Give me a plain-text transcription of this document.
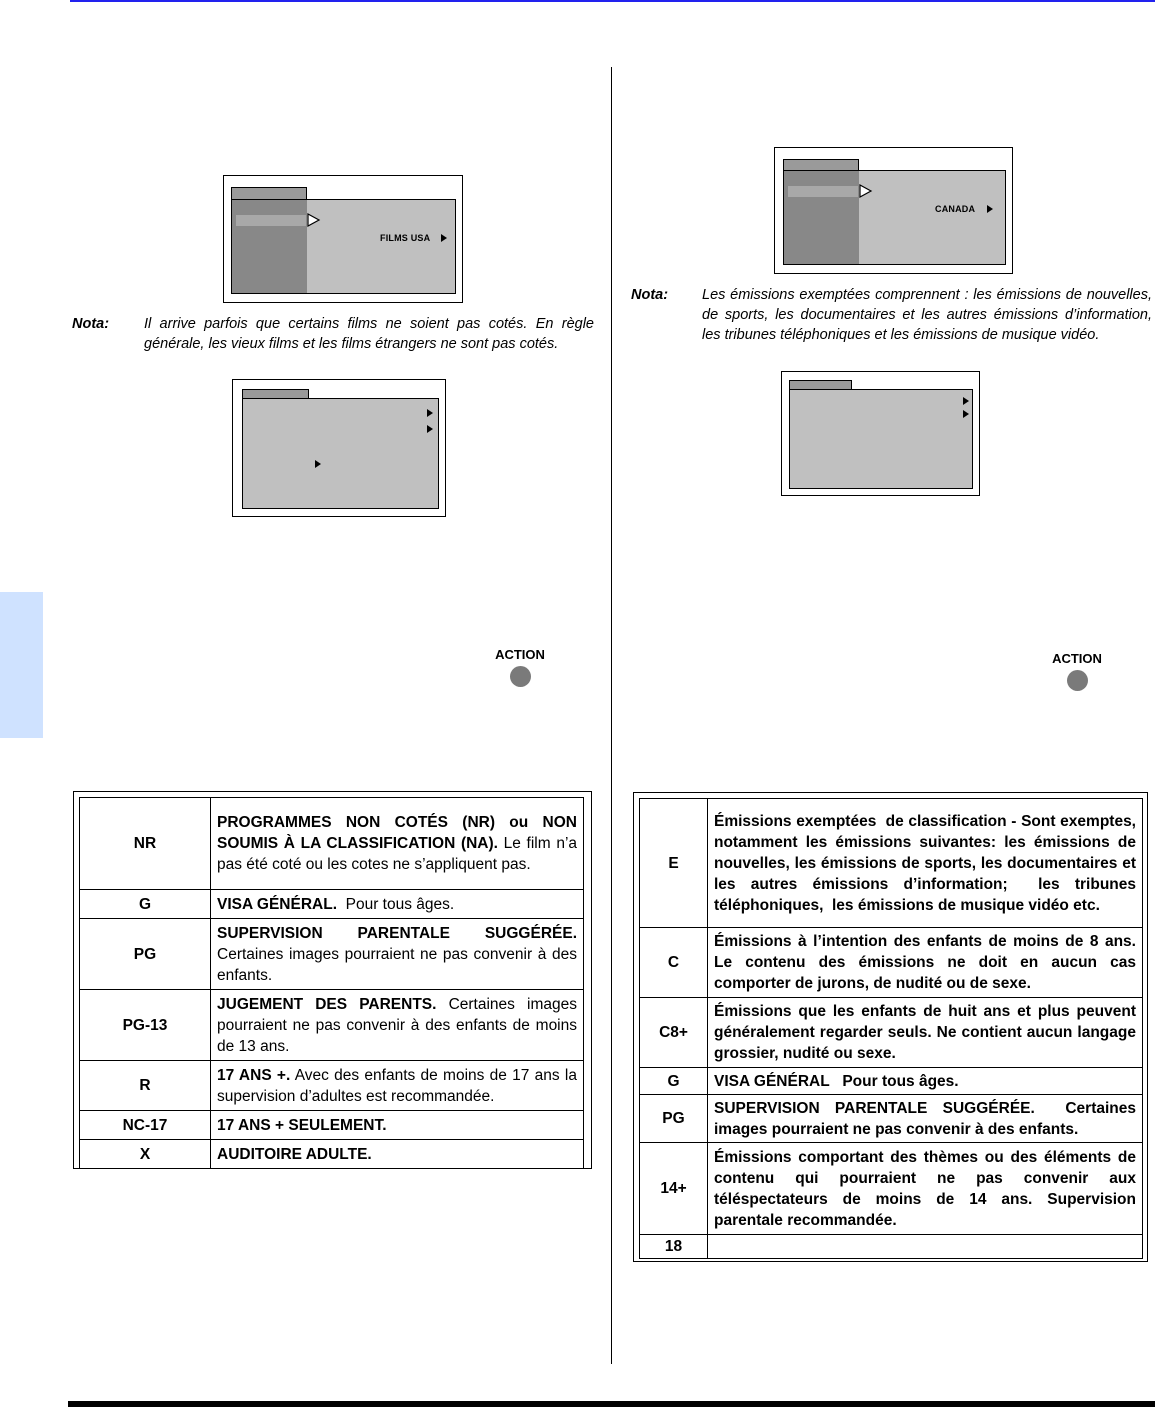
FILMS USA
Nota: Il arrive parfois que certains films ne soient pas cotés. En règle générale, les vieux films et les films étrangers ne sont pas cotés.
ACTION
NR	PROGRAMMES NON COTÉS (NR) ou NON SOUMIS À LA CLASSIFICATION (NA). Le film n’a pas été coté ou les cotes ne s’appliquent pas.
G	VISA GÉNÉRAL.  Pour tous âges.
PG	SUPERVISION PARENTALE SUGGÉRÉE. Certaines images pourraient ne pas convenir à des enfants.
PG-13	JUGEMENT DES PARENTS. Certaines images pourraient ne pas convenir à des enfants de moins de 13 ans.
R	17 ANS +. Avec des enfants de moins de 17 ans la supervision d’adultes est recommandée.
NC-17	17 ANS + SEULEMENT.
X	AUDITOIRE ADULTE.
CANADA
Nota: Les émissions exemptées comprennent : les émissions de nouvelles, de sports, les documentaires et les autres émissions d’information, les tribunes téléphoniques et les émissions de musique vidéo.
ACTION
E	Émissions exemptées  de classification - Sont exemptes, notamment les émissions suivantes: les émissions de nouvelles, les émissions de sports, les documentaires et les autres émissions d’information;  les tribunes téléphoniques,  les émissions de musique vidéo etc.
C	Émissions à l’intention des enfants de moins de 8 ans. Le contenu des émissions ne doit en aucun cas comporter de jurons, de nudité ou de sexe.
C8+	Émissions que les enfants de huit ans et plus peuvent généralement regarder seuls. Ne contient aucun langage grossier, nudité ou sexe.
G	VISA GÉNÉRAL   Pour tous âges.
PG	SUPERVISION PARENTALE SUGGÉRÉE.  Certaines images pourraient ne pas convenir à des enfants.
14+	Émissions comportant des thèmes ou des éléments de contenu qui pourraient ne pas convenir aux téléspectateurs de moins de 14 ans. Supervision parentale recommandée.
18	
